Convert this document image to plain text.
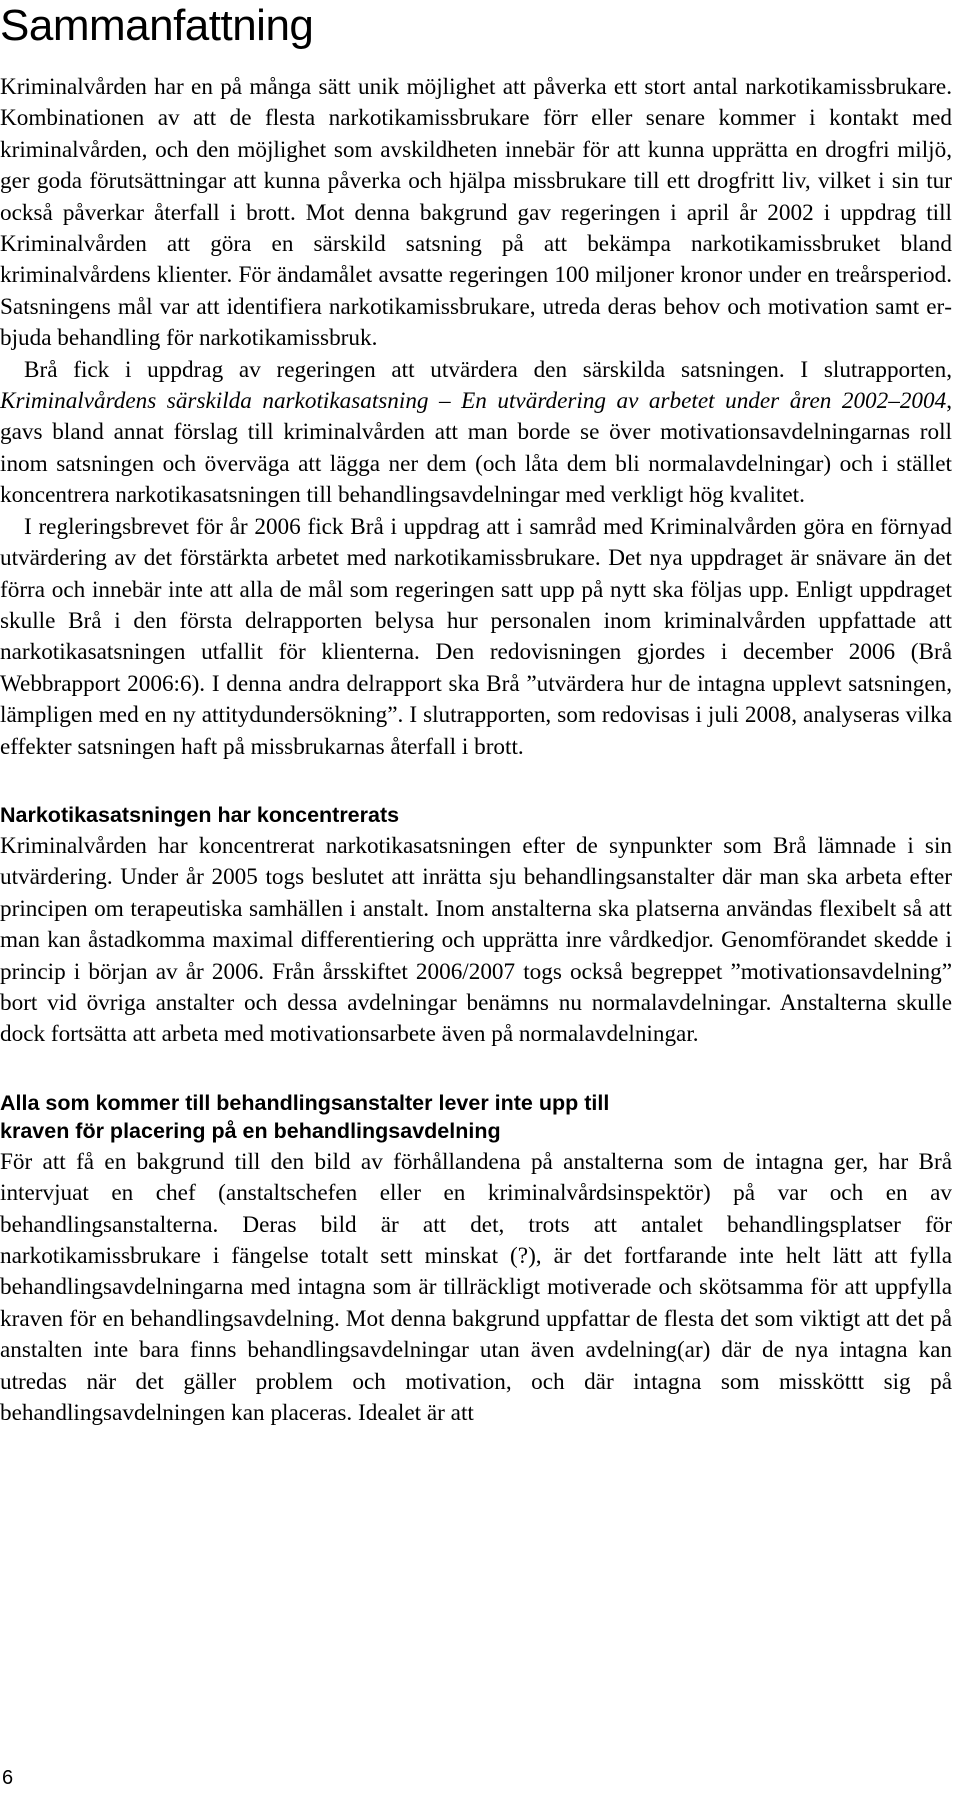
Sammanfattning

Kriminalvården har en på många sätt unik möjlighet att påverka ett stort antal narkotikamissbrukare. Kombinationen av att de flesta narkotikamissbrukare förr eller senare kommer i kontakt med kriminalvården, och den möjlighet som avskildheten innebär för att kunna upprätta en drogfri miljö, ger goda förutsättningar att kunna påverka och hjälpa missbrukare till ett drogfritt liv, vilket i sin tur också påverkar återfall i brott. Mot denna bakgrund gav regeringen i april år 2002 i uppdrag till Kriminalvården att göra en särskild satsning på att bekämpa narkotikamissbruket bland kriminalvårdens klienter. För ändamålet avsatte regeringen 100 miljoner kronor under en treårsperiod. Satsningens mål var att identifiera narkotikamissbrukare, utreda deras behov och motivation samt erbjuda behandling för narkotikamissbruk.

Brå fick i uppdrag av regeringen att utvärdera den särskilda satsningen. I slutrapporten, Kriminalvårdens särskilda narkotikasatsning – En utvärdering av arbetet under åren 2002–2004, gavs bland annat förslag till kriminalvården att man borde se över motivationsavdelningarnas roll inom satsningen och överväga att lägga ner dem (och låta dem bli normalavdelningar) och i stället koncentrera narkotikasatsningen till behandlingsavdelningar med verkligt hög kvalitet.

I regleringsbrevet för år 2006 fick Brå i uppdrag att i samråd med Kriminalvården göra en förnyad utvärdering av det förstärkta arbetet med narkotikamissbrukare. Det nya uppdraget är snävare än det förra och innebär inte att alla de mål som regeringen satt upp på nytt ska följas upp. Enligt uppdraget skulle Brå i den första delrapporten belysa hur personalen inom kriminalvården uppfattade att narkotikasatsningen utfallit för klienterna. Den redovisningen gjordes i december 2006 (Brå Webbrapport 2006:6). I denna andra delrapport ska Brå ”utvärdera hur de intagna upplevt satsningen, lämpligen med en ny attitydundersökning”. I slutrapporten, som redovisas i juli 2008, analyseras vilka effekter satsningen haft på missbrukarnas återfall i brott.

Narkotikasatsningen har koncentrerats

Kriminalvården har koncentrerat narkotikasatsningen efter de synpunkter som Brå lämnade i sin utvärdering. Under år 2005 togs beslutet att inrätta sju behandlingsanstalter där man ska arbeta efter principen om terapeutiska samhällen i anstalt. Inom anstalterna ska platserna användas flexibelt så att man kan åstadkomma maximal differentiering och upprätta inre vårdkedjor. Genomförandet skedde i princip i början av år 2006. Från årsskiftet 2006/2007 togs också begreppet ”motivationsavdelning” bort vid övriga anstalter och dessa avdelningar benämns nu normalavdelningar. Anstalterna skulle dock fortsätta att arbeta med motivationsarbete även på normalavdelningar.

Alla som kommer till behandlingsanstalter lever inte upp till
kraven för placering på en behandlingsavdelning

För att få en bakgrund till den bild av förhållandena på anstalterna som de intagna ger, har Brå intervjuat en chef (anstaltschefen eller en kriminalvårdsinspektör) på var och en av behandlingsanstalterna. Deras bild är att det, trots att antalet behandlingsplatser för narkotikamissbrukare i fängelse totalt sett minskat (?), är det fortfarande inte helt lätt att fylla behandlingsavdelningarna med intagna som är tillräckligt motiverade och skötsamma för att uppfylla kraven för en behandlingsavdelning. Mot denna bakgrund uppfattar de flesta det som viktigt att det på anstalten inte bara finns behandlingsavdelningar utan även avdelning(ar) där de nya intagna kan utredas när det gäller problem och motivation, och där intagna som missköttt sig på behandlingsavdelningen kan placeras. Idealet är att

6
